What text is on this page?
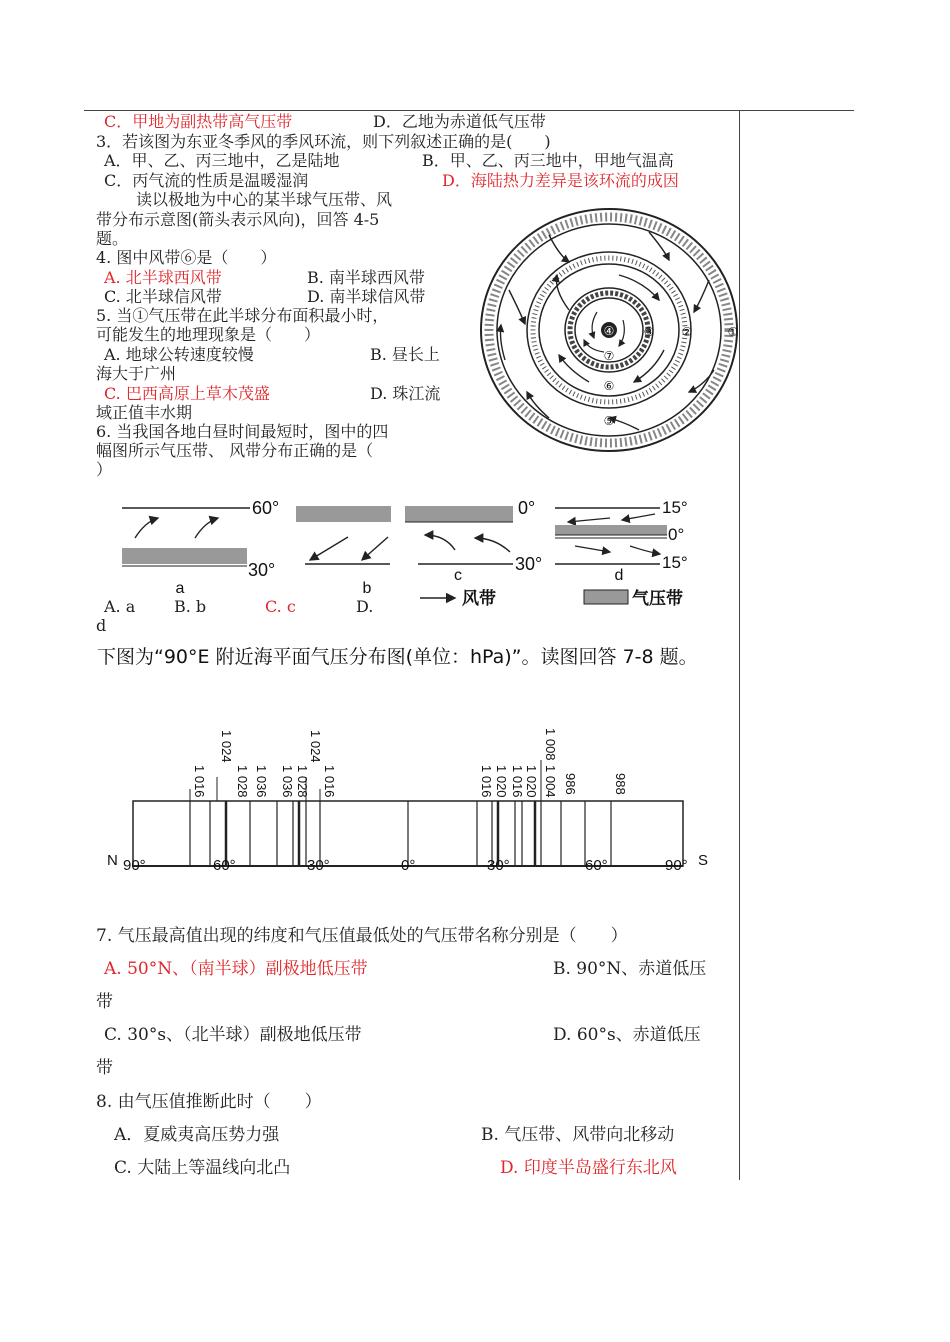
C．甲地为副热带高气压带	D．乙地为赤道低气压带
3．若该图为东亚冬季风的季风环流，则下列叙述正确的是(　　)
A．甲、乙、丙三地中，乙是陆地	B．甲、乙、丙三地中，甲地气温高
C．丙气流的性质是温暖湿润	D．海陆热力差异是该环流的成因
读以极地为中心的某半球气压带、风
带分布示意图(箭头表示风向)，回答 4-5
题。
4. 图中风带⑥是（　　）
A. 北半球西风带	B. 南半球西风带
C. 北半球信风带	D. 南半球信风带
5. 当①气压带在此半球分布面积最小时，
可能发生的地理现象是（　　）
A. 地球公转速度较慢	B. 昼长上
海大于广州
C. 巴西高原上草木茂盛	D. 珠江流
域正值丰水期
6. 当我国各地白昼时间最短时，图中的四
幅图所示气压带、 风带分布正确的是（
）
①
②
③
④
⑤
⑥
⑦
60°
30°
a	b
0°
30°
c
15°
0°
15°
d
风带	气压带
A. a B. b	C. c	D.
d
下图为“90°E 附近海平面气压分布图(单位：hPa)”。读图回答 7-8 题。
1 016
1 024
1 028 1 036 1 036 1 028
1 024
1 016	1 016 1 020 1 016 1 020
1 008
1 004 986	988
N 90°	60°	30°	0°	30°	60°	90° S
7. 气压最高值出现的纬度和气压值最低处的气压带名称分别是（　　）
A. 50°N、（南半球）副极地低压带	B. 90°N、赤道低压
带
C. 30°s、（北半球）副极地低压带	D. 60°s、赤道低压
带
8. 由气压值推断此时（　　）
A．夏威夷高压势力强	B. 气压带、风带向北移动
C. 大陆上等温线向北凸	D. 印度半岛盛行东北风
